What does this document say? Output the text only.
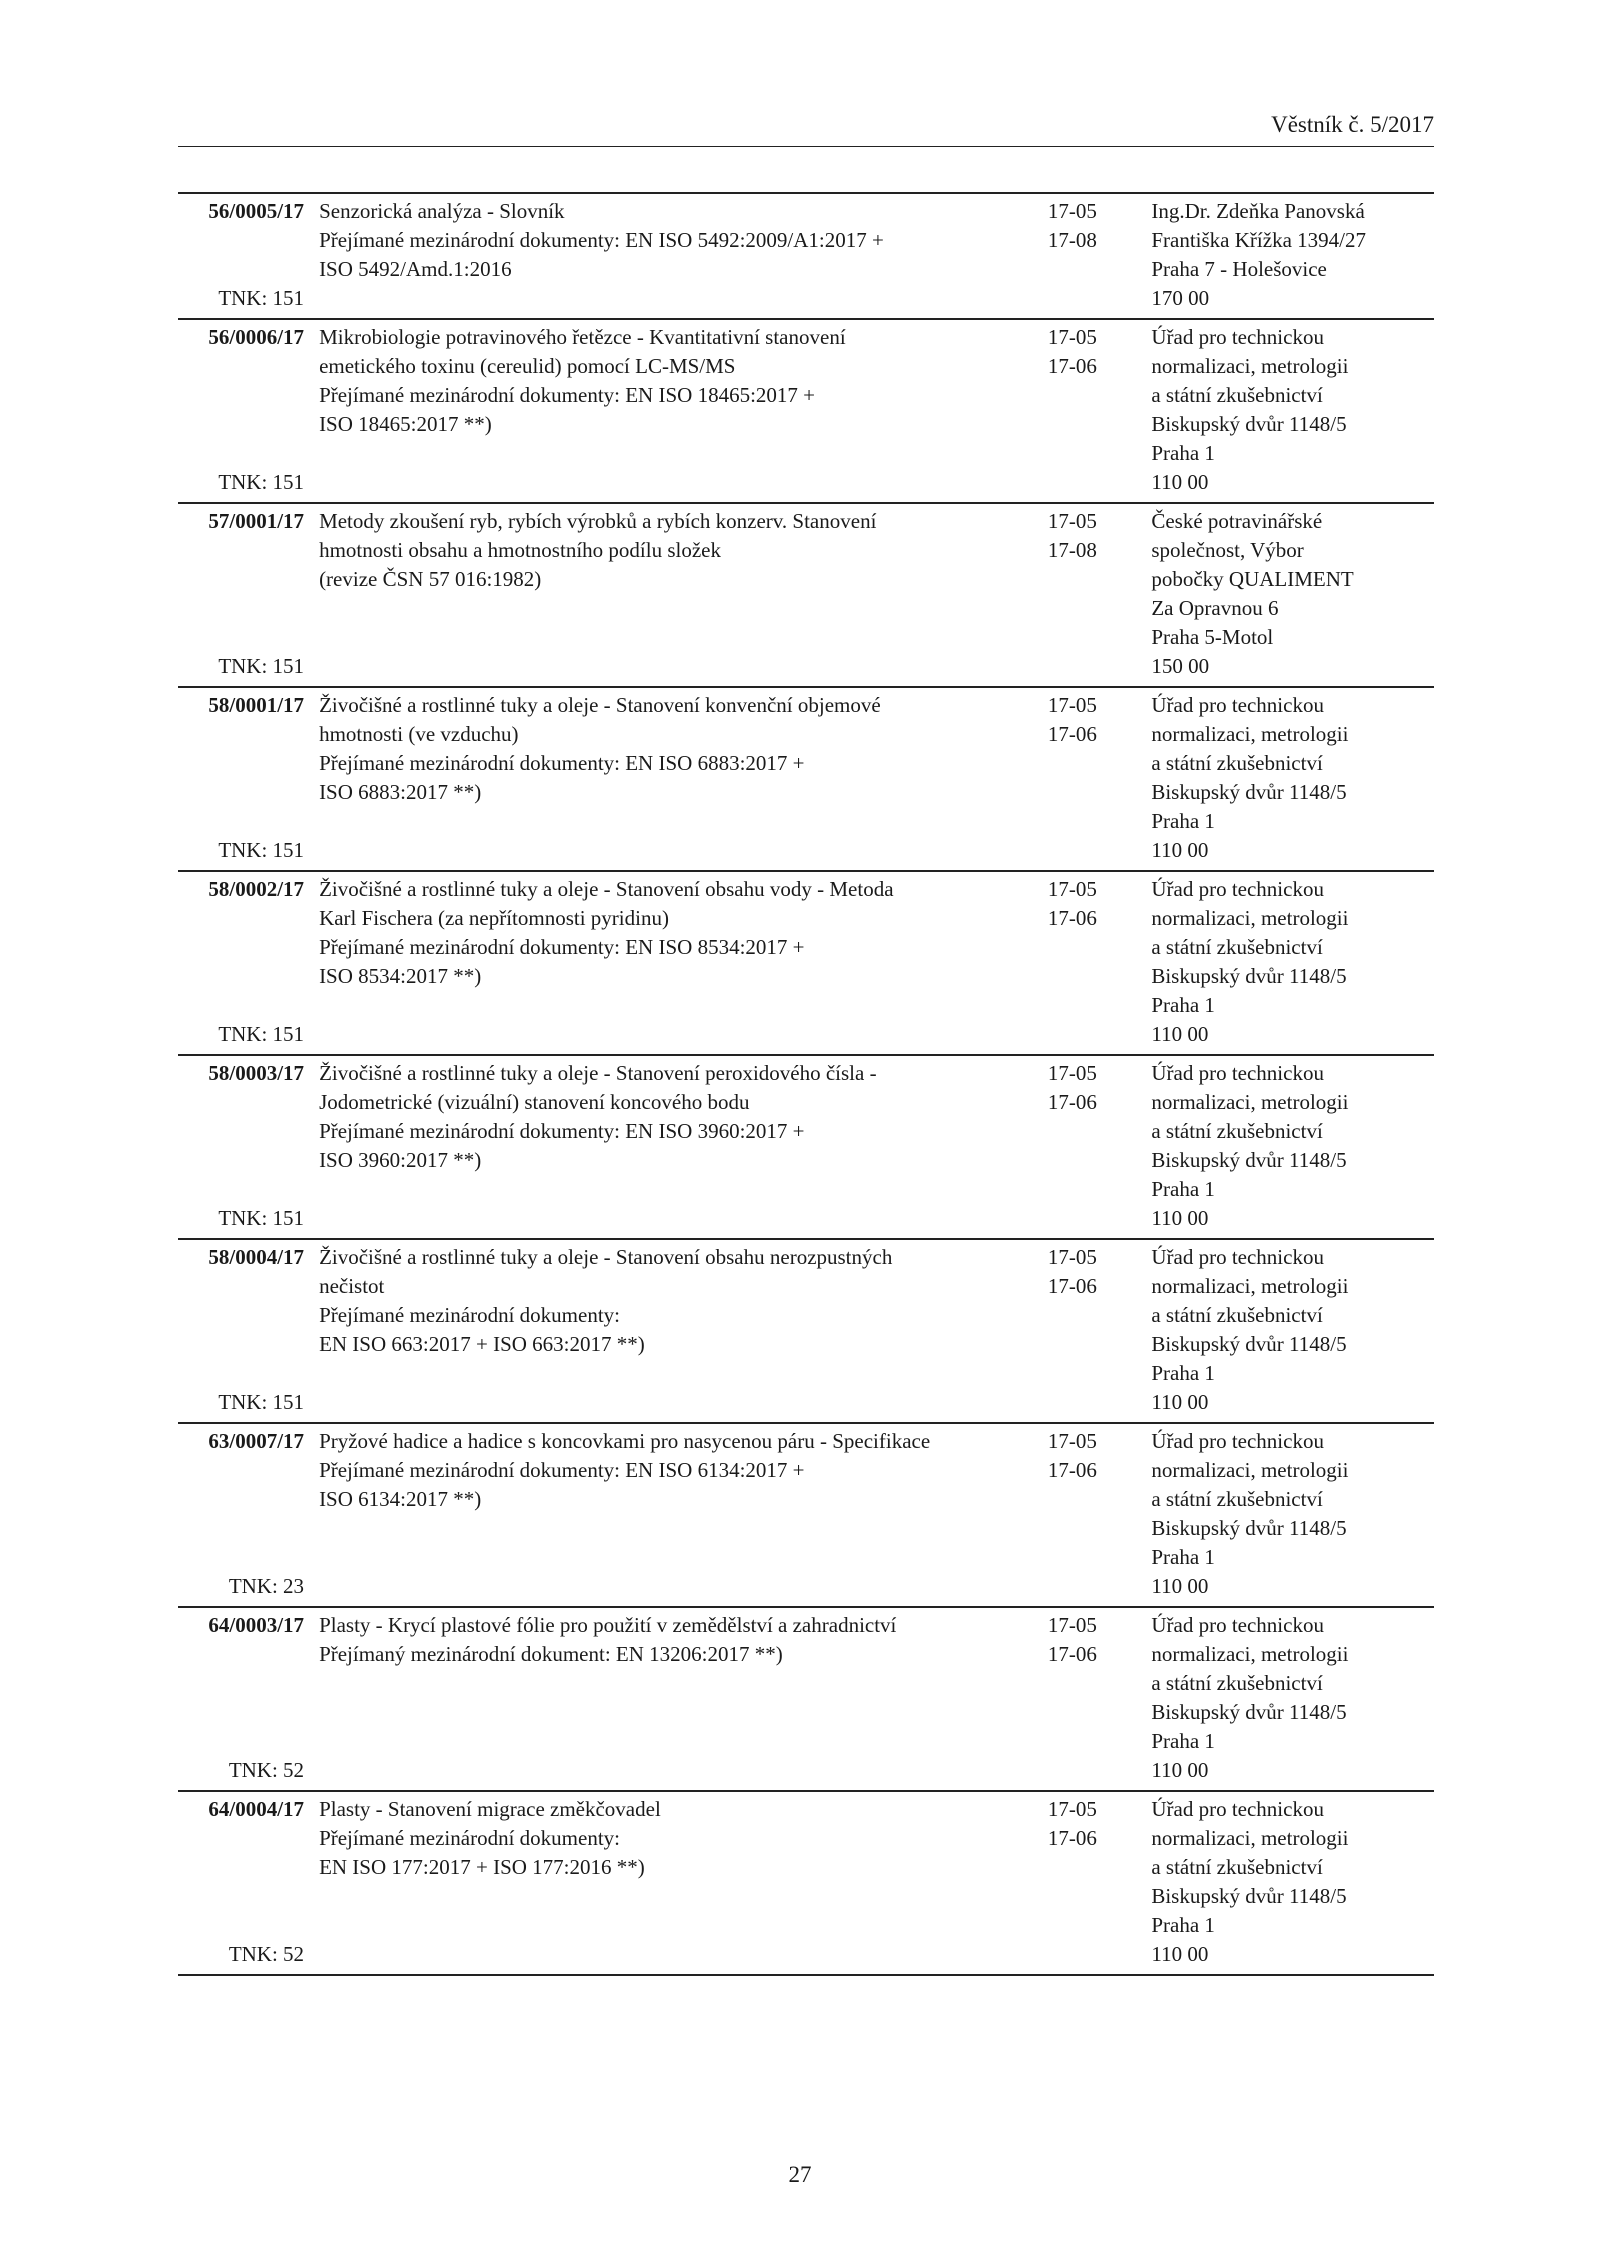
Věstník č. 5/2017
56/0005/17
TNK: 151
Senzorická analýza - Slovník
Přejímané mezinárodní dokumenty: EN ISO 5492:2009/A1:2017 +
ISO 5492/Amd.1:2016
17-05
17-08
Ing.Dr. Zdeňka Panovská
Františka Křížka 1394/27
Praha 7 - Holešovice
170 00
56/0006/17
TNK: 151
Mikrobiologie potravinového řetězce - Kvantitativní stanovení
emetického toxinu (cereulid) pomocí LC-MS/MS
Přejímané mezinárodní dokumenty: EN ISO 18465:2017 +
ISO 18465:2017 **)
17-05
17-06
Úřad pro technickou
normalizaci, metrologii
a státní zkušebnictví
Biskupský dvůr 1148/5
Praha 1
110 00
57/0001/17
TNK: 151
Metody zkoušení ryb, rybích výrobků a rybích konzerv. Stanovení
hmotnosti obsahu a hmotnostního podílu složek
(revize ČSN 57 016:1982)
17-05
17-08
České potravinářské
společnost, Výbor
pobočky QUALIMENT
Za Opravnou 6
Praha 5-Motol
150 00
58/0001/17
TNK: 151
Živočišné a rostlinné tuky a oleje - Stanovení konvenční objemové
hmotnosti (ve vzduchu)
Přejímané mezinárodní dokumenty: EN ISO 6883:2017 +
ISO 6883:2017 **)
17-05
17-06
Úřad pro technickou
normalizaci, metrologii
a státní zkušebnictví
Biskupský dvůr 1148/5
Praha 1
110 00
58/0002/17
TNK: 151
Živočišné a rostlinné tuky a oleje - Stanovení obsahu vody - Metoda
Karl Fischera (za nepřítomnosti pyridinu)
Přejímané mezinárodní dokumenty: EN ISO 8534:2017 +
ISO 8534:2017 **)
17-05
17-06
Úřad pro technickou
normalizaci, metrologii
a státní zkušebnictví
Biskupský dvůr 1148/5
Praha 1
110 00
58/0003/17
TNK: 151
Živočišné a rostlinné tuky a oleje - Stanovení peroxidového čísla -
Jodometrické (vizuální) stanovení koncového bodu
Přejímané mezinárodní dokumenty: EN ISO 3960:2017 +
ISO 3960:2017 **)
17-05
17-06
Úřad pro technickou
normalizaci, metrologii
a státní zkušebnictví
Biskupský dvůr 1148/5
Praha 1
110 00
58/0004/17
TNK: 151
Živočišné a rostlinné tuky a oleje - Stanovení obsahu nerozpustných
nečistot
Přejímané mezinárodní dokumenty:
EN ISO 663:2017 + ISO 663:2017 **)
17-05
17-06
Úřad pro technickou
normalizaci, metrologii
a státní zkušebnictví
Biskupský dvůr 1148/5
Praha 1
110 00
63/0007/17
TNK: 23
Pryžové hadice a hadice s koncovkami pro nasycenou páru - Specifikace
Přejímané mezinárodní dokumenty: EN ISO 6134:2017 +
ISO 6134:2017 **)
17-05
17-06
Úřad pro technickou
normalizaci, metrologii
a státní zkušebnictví
Biskupský dvůr 1148/5
Praha 1
110 00
64/0003/17
TNK: 52
Plasty - Krycí plastové fólie pro použití v zemědělství a zahradnictví
Přejímaný mezinárodní dokument: EN 13206:2017 **)
17-05
17-06
Úřad pro technickou
normalizaci, metrologii
a státní zkušebnictví
Biskupský dvůr 1148/5
Praha 1
110 00
64/0004/17
TNK: 52
Plasty - Stanovení migrace změkčovadel
Přejímané mezinárodní dokumenty:
EN ISO 177:2017 + ISO 177:2016 **)
17-05
17-06
Úřad pro technickou
normalizaci, metrologii
a státní zkušebnictví
Biskupský dvůr 1148/5
Praha 1
110 00
27
